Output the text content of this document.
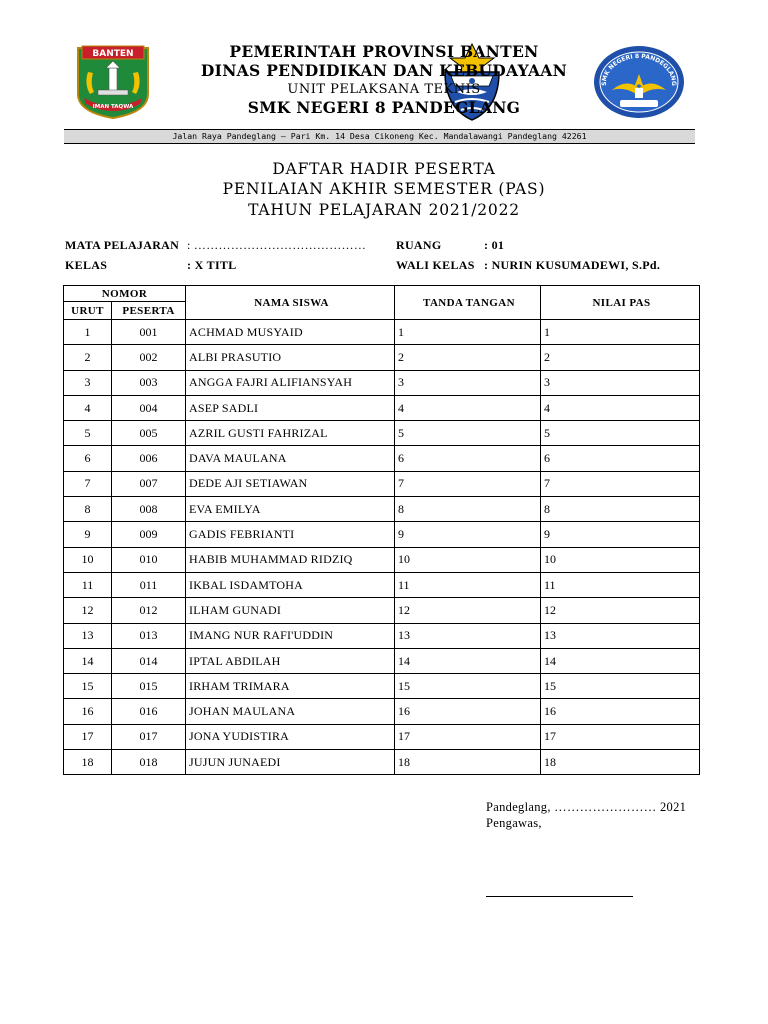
BANTEN
IMAN TAQWA
SMK NEGERI 8 PANDEGLANG
PEMERINTAH PROVINSI BANTEN
DINAS PENDIDIKAN DAN KEBUDAYAAN
UNIT PELAKSANA TEKNIS
SMK NEGERI 8 PANDEGLANG
Jalan Raya Pandeglang – Pari Km. 14 Desa Cikoneng Kec. Mandalawangi Pandeglang 42261
DAFTAR HADIR PESERTA
PENILAIAN AKHIR SEMESTER (PAS)
TAHUN PELAJARAN 2021/2022
MATA PELAJARAN : ……………………………………
KELAS	: X TITL
RUANG	: 01
WALI KELAS : NURIN KUSUMADEWI, S.Pd.
NOMOR		NAMA SISWA	TANDA TANGAN	NILAI PAS
URUT	PESERTA			
1	001	ACHMAD MUSYAID	1	1
2	002	ALBI PRASUTIO	2	2
3	003	ANGGA FAJRI ALIFIANSYAH	3	3
4	004	ASEP SADLI	4	4
5	005	AZRIL GUSTI FAHRIZAL	5	5
6	006	DAVA MAULANA	6	6
7	007	DEDE AJI SETIAWAN	7	7
8	008	EVA EMILYA	8	8
9	009	GADIS FEBRIANTI	9	9
10	010	HABIB MUHAMMAD RIDZIQ	10	10
11	011	IKBAL ISDAMTOHA	11	11
12	012	ILHAM GUNADI	12	12
13	013	IMANG NUR RAFI'UDDIN	13	13
14	014	IPTAL ABDILAH	14	14
15	015	IRHAM TRIMARA	15	15
16	016	JOHAN MAULANA	16	16
17	017	JONA YUDISTIRA	17	17
18	018	JUJUN JUNAEDI	18	18
Pandeglang, …………………… 2021
Pengawas,
